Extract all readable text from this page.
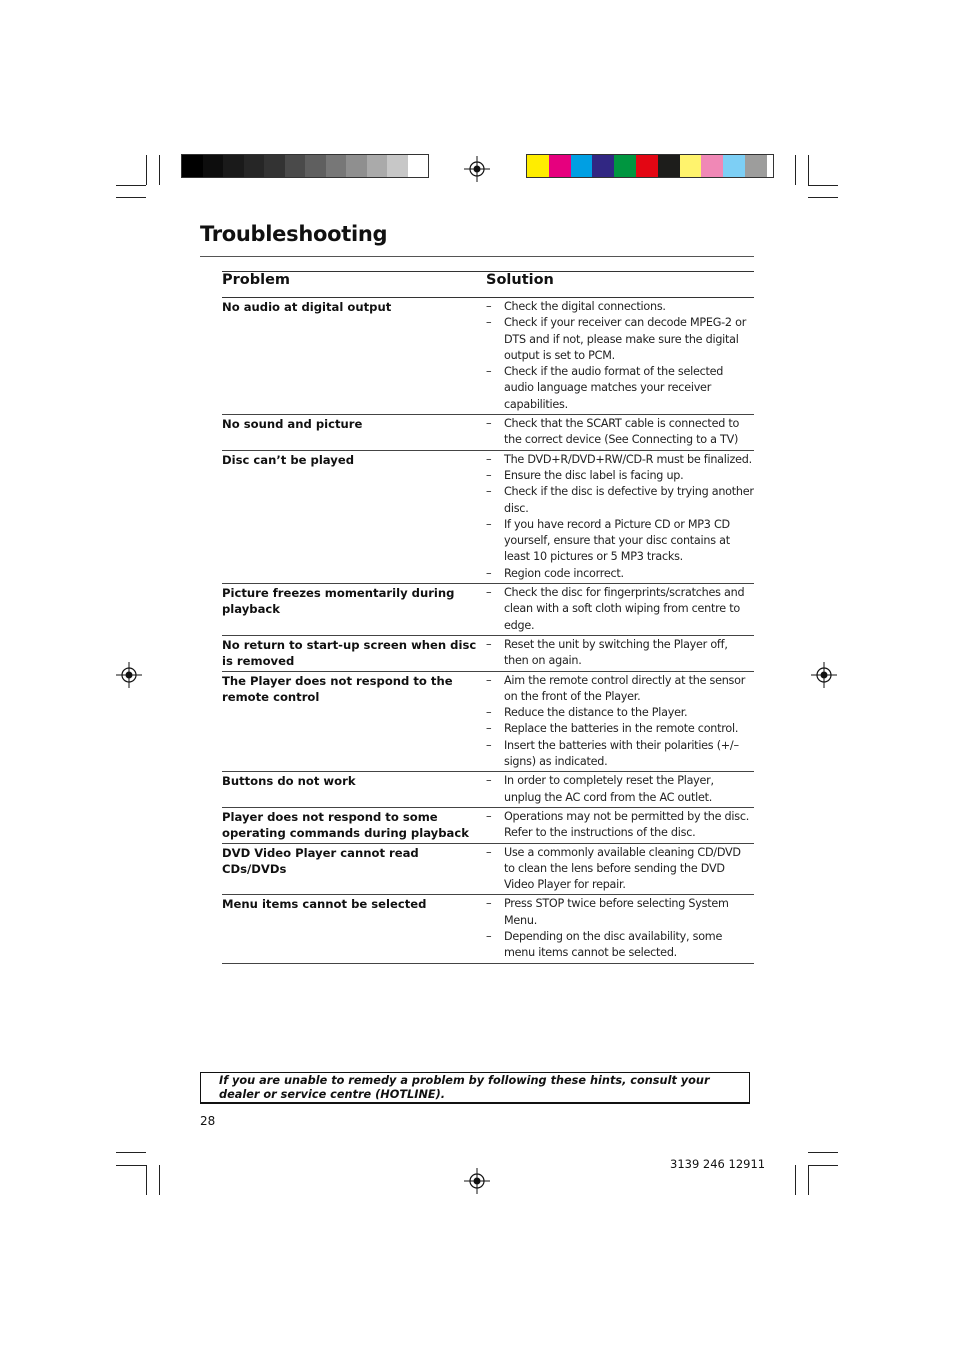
Troubleshooting
Problem	Solution
No audio at digital output	–	Check the digital connections.
–	Check if your receiver can decode MPEG-2 or DTS and if not, please make sure the digital output is set to PCM.
–	Check if the audio format of the selected audio language matches your receiver capabilities.
No sound and picture	–	Check that the SCART cable is connected to the correct device (See Connecting to a TV)
Disc can’t be played	–	The DVD+R/DVD+RW/CD-R must be finalized.
–	Ensure the disc label is facing up.
–	Check if the disc is defective by trying another disc.
–	If you have record a Picture CD or MP3 CD yourself, ensure that your disc contains at least 10 pictures or 5 MP3 tracks.
–	Region code incorrect.
Picture freezes momentarily during playback
–	Check the disc for fingerprints/scratches and clean with a soft cloth wiping from centre to edge.
No return to start-up screen when disc is removed
–	Reset the unit by switching the Player off, then on again.
The Player does not respond to the remote control
–	Aim the remote control directly at the sensor on the front of the Player.
–	Reduce the distance to the Player.
–	Replace the batteries in the remote control.
–	Insert the batteries with their polarities (+/– signs) as indicated.
Buttons do not work	–	In order to completely reset the Player, unplug the AC cord from the AC outlet.
Player does not respond to some operating commands during playback
–	Operations may not be permitted by the disc. Refer to the instructions of the disc.
DVD Video Player cannot read CDs/DVDs
–	Use a commonly available cleaning CD/DVD to clean the lens before sending the DVD Video Player for repair.
Menu items cannot be selected	–	Press STOP twice before selecting System Menu.
–	Depending on the disc availability, some menu items cannot be selected.
If you are unable to remedy a problem by following these hints, consult your dealer or service centre (HOTLINE).
28
3139 246 12911
